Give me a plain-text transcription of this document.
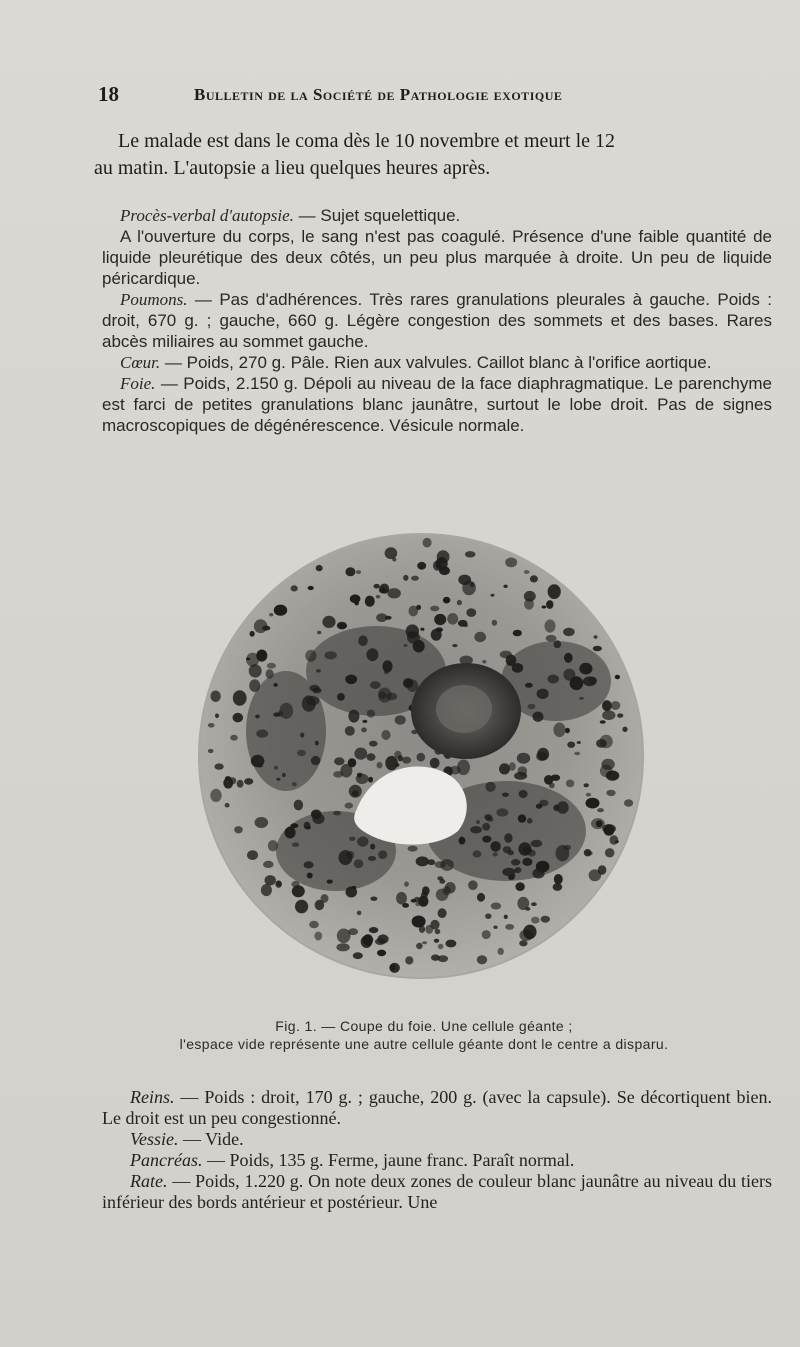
18	Bulletin de la Société de Pathologie exotique

Le malade est dans le coma dès le 10 novembre et meurt le 12
au matin. L'autopsie a lieu quelques heures après.

Procès-verbal d'autopsie. — Sujet squelettique.

A l'ouverture du corps, le sang n'est pas coagulé. Présence d'une faible quantité de liquide pleurétique des deux côtés, un peu plus marquée à droite. Un peu de liquide péricardique.

Poumons. — Pas d'adhérences. Très rares granulations pleurales à gauche. Poids : droit, 670 g. ; gauche, 660 g. Légère congestion des sommets et des bases. Rares abcès miliaires au sommet gauche.

Cœur. — Poids, 270 g. Pâle. Rien aux valvules. Caillot blanc à l'orifice aortique.

Foie. — Poids, 2.150 g. Dépoli au niveau de la face diaphragmatique. Le parenchyme est farci de petites granulations blanc jaunâtre, surtout le lobe droit. Pas de signes macroscopiques de dégénérescence. Vésicule normale.

Fig. 1. — Coupe du foie. Une cellule géante ;
l'espace vide représente une autre cellule géante dont le centre a disparu.

Reins. — Poids : droit, 170 g. ; gauche, 200 g. (avec la capsule). Se décortiquent bien. Le droit est un peu congestionné.

Vessie. — Vide.

Pancréas. — Poids, 135 g. Ferme, jaune franc. Paraît normal.

Rate. — Poids, 1.220 g. On note deux zones de couleur blanc jaunâtre au niveau du tiers inférieur des bords antérieur et postérieur. Une
